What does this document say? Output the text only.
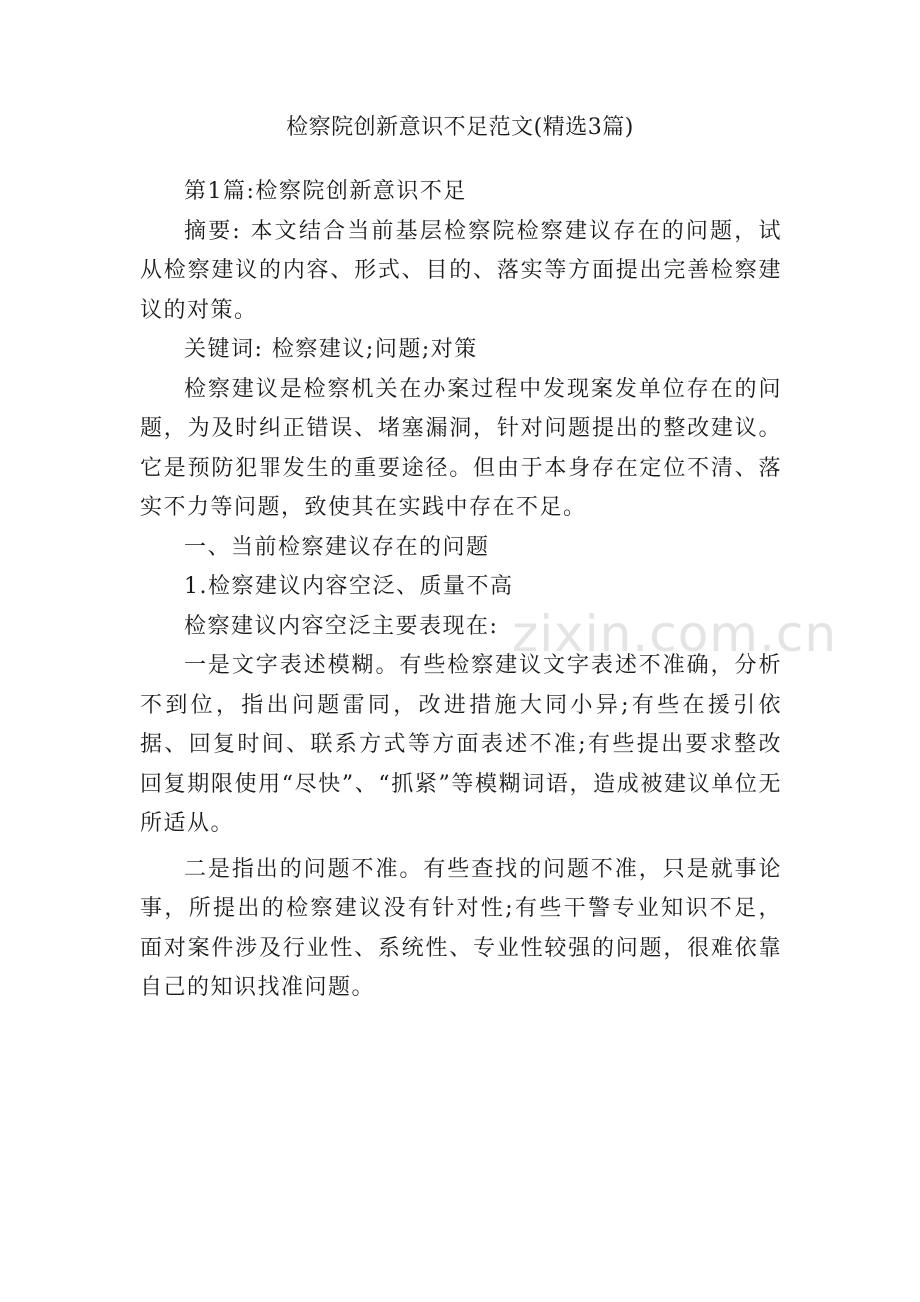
检察院创新意识不足范文(精选3篇)

第1篇:检察院创新意识不足

摘要: 本文结合当前基层检察院检察建议存在的问题，试从检察建议的内容、形式、目的、落实等方面提出完善检察建议的对策。

关键词: 检察建议;问题;对策

检察建议是检察机关在办案过程中发现案发单位存在的问题，为及时纠正错误、堵塞漏洞，针对问题提出的整改建议。它是预防犯罪发生的重要途径。但由于本身存在定位不清、落实不力等问题，致使其在实践中存在不足。

一、当前检察建议存在的问题

1.检察建议内容空泛、质量不高

检察建议内容空泛主要表现在:

一是文字表述模糊。有些检察建议文字表述不准确，分析不到位，指出问题雷同，改进措施大同小异;有些在援引依据、回复时间、联系方式等方面表述不准;有些提出要求整改回复期限使用“尽快”、“抓紧”等模糊词语，造成被建议单位无所适从。

二是指出的问题不准。有些查找的问题不准，只是就事论事，所提出的检察建议没有针对性;有些干警专业知识不足，面对案件涉及行业性、系统性、专业性较强的问题，很难依靠自己的知识找准问题。

zixin.com.cn
